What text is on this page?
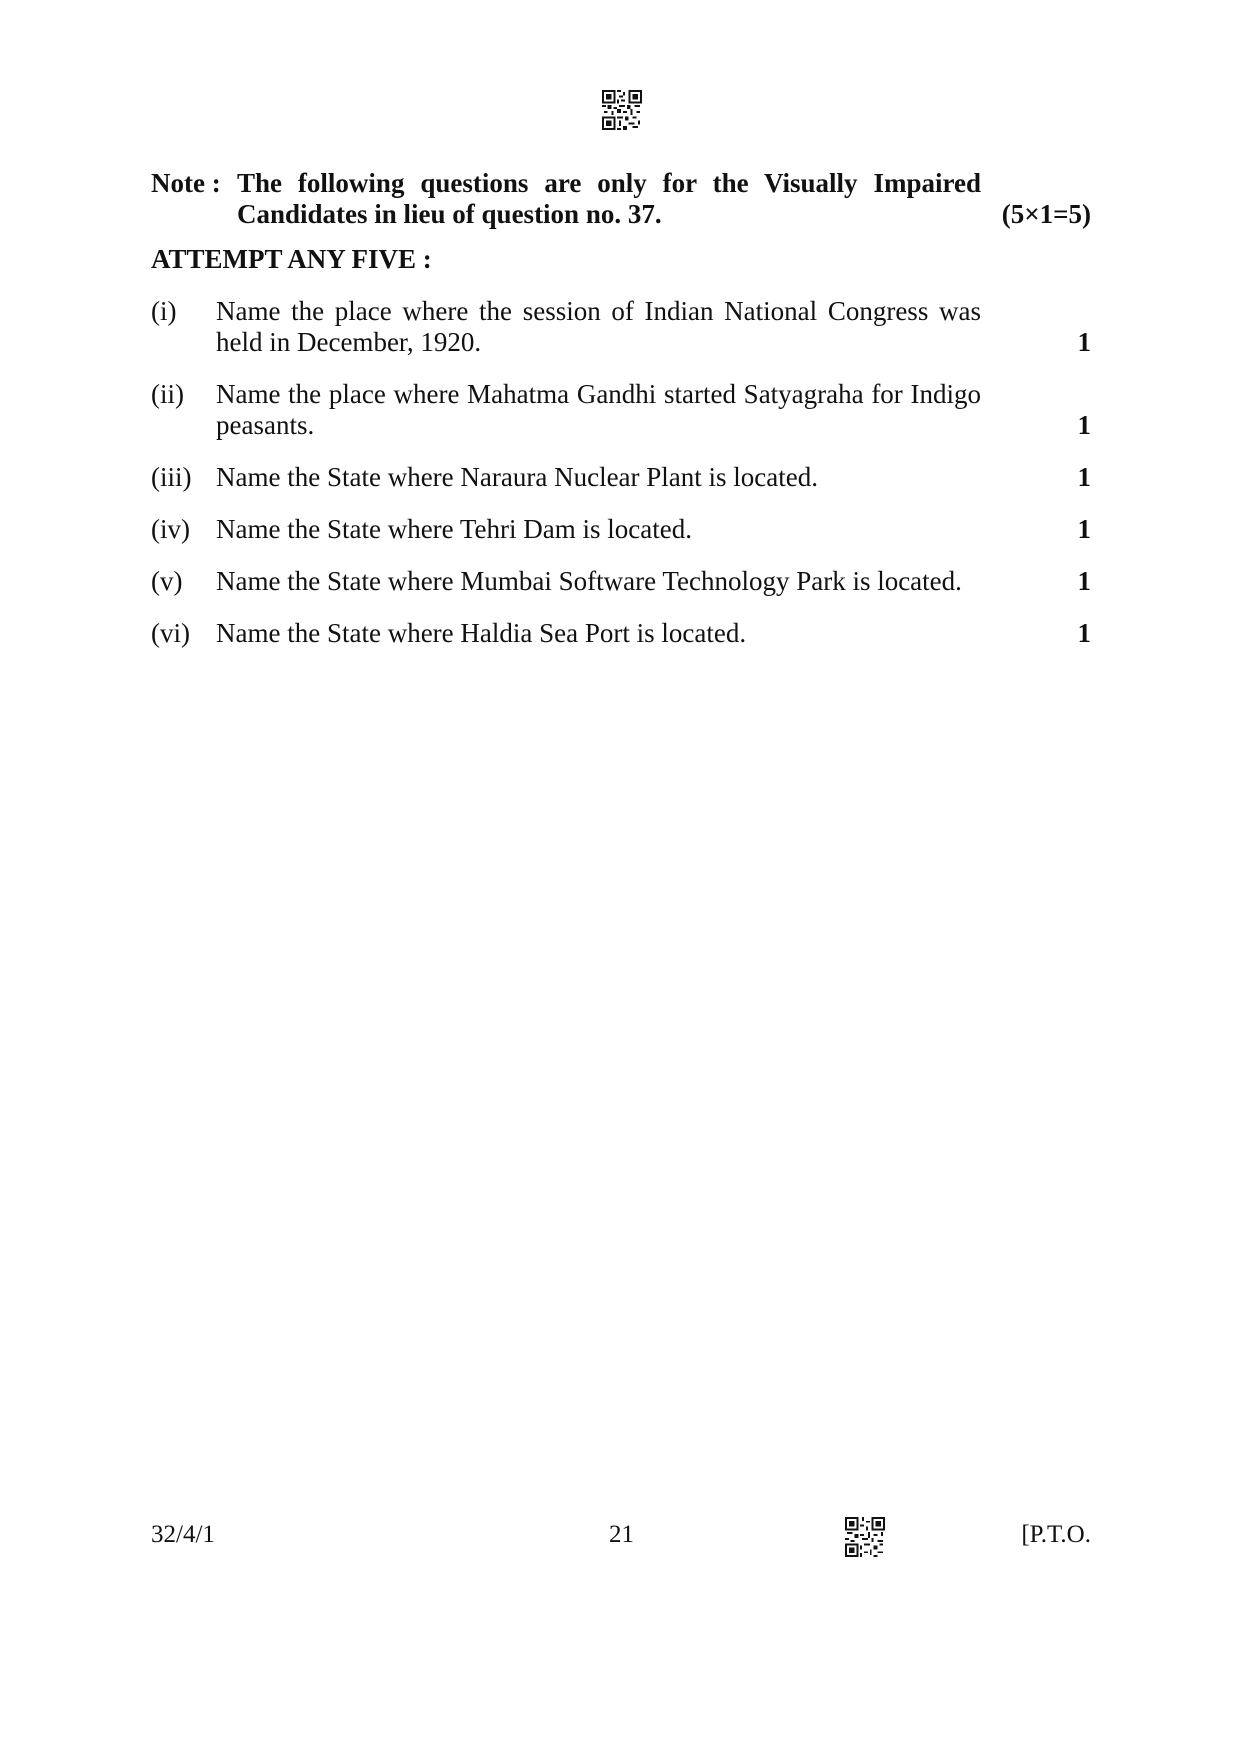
Note : The following questions are only for the Visually Impaired Candidates in lieu of question no. 37.	(5×1=5)
ATTEMPT ANY FIVE :
(i)	Name the place where the session of Indian National Congress was held in December, 1920.	1
(ii)	Name the place where Mahatma Gandhi started Satyagraha for Indigo peasants.	1
(iii) Name the State where Naraura Nuclear Plant is located.	1
(iv) Name the State where Tehri Dam is located.	1
(v)	Name the State where Mumbai Software Technology Park is located.	1
(vi) Name the State where Haldia Sea Port is located.	1
32/4/1	21	[P.T.O.
